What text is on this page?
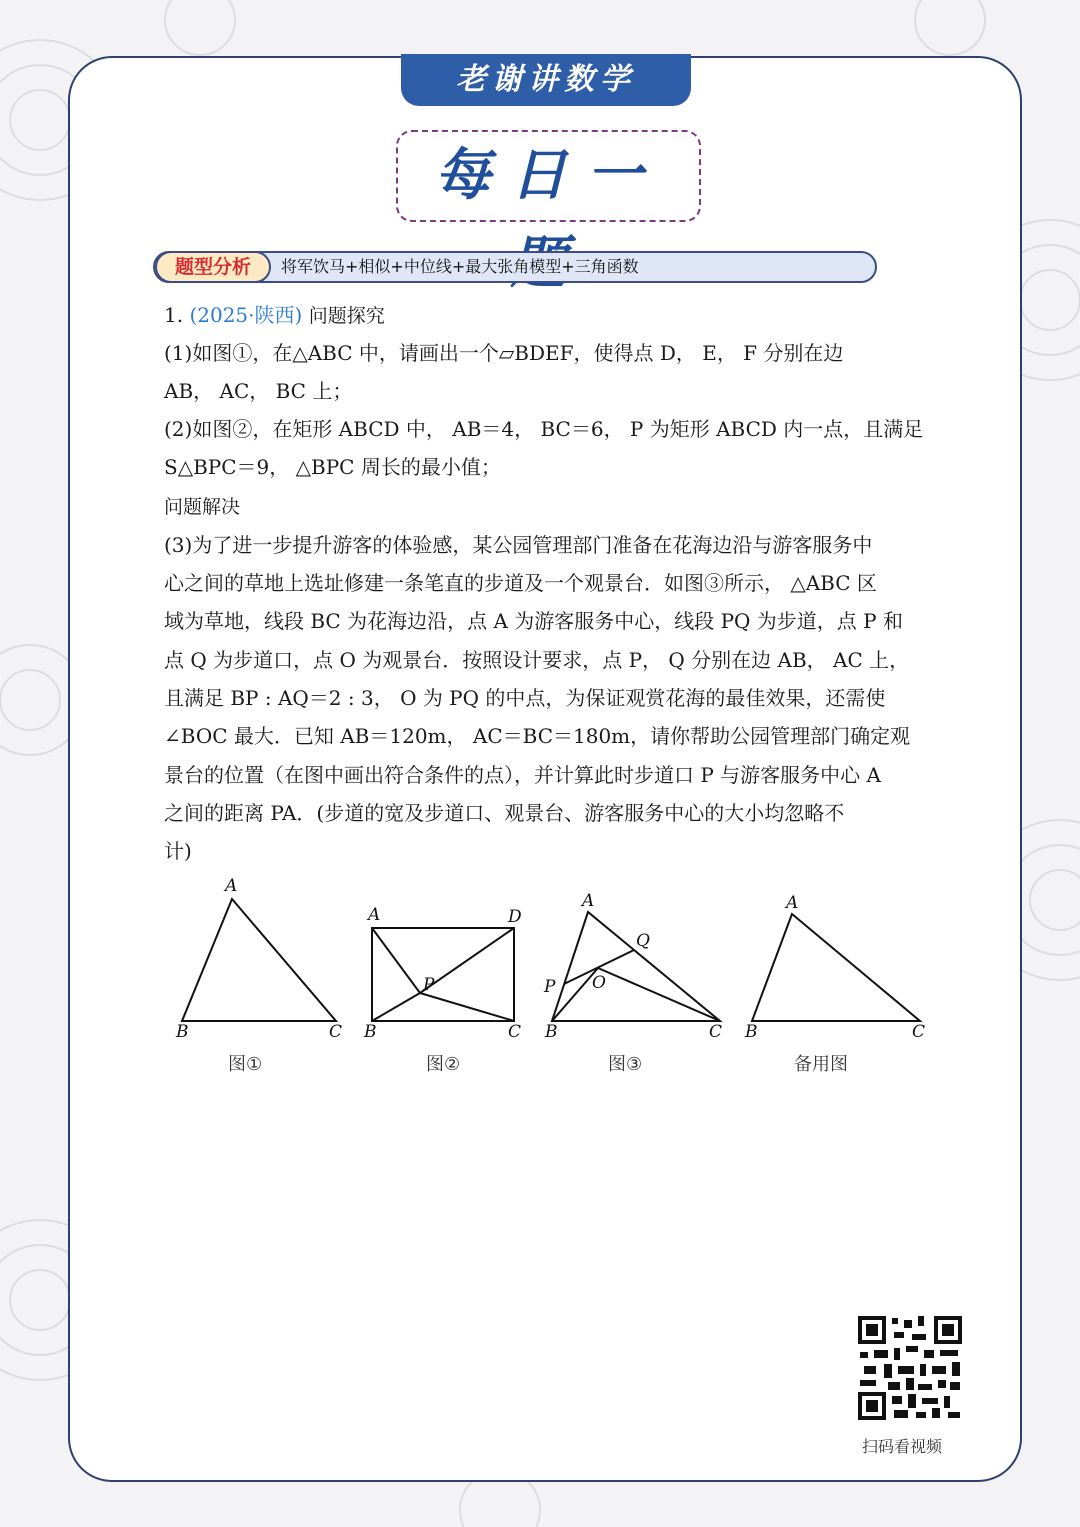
老谢讲数学
每日一
题型分析	将军饮马+相似+中位线+最大张角模型+三角函数
1. (2025·陕西) 问题探究
(1)如图①，在△ABC 中，请画出一个▱BDEF，使得点 D， E， F 分别在边
AB， AC， BC 上；
(2)如图②，在矩形 ABCD 中， AB＝4， BC＝6， P 为矩形 ABCD 内一点，且满足
S△BPC＝9， △BPC 周长的最小值；
问题解决
(3)为了进一步提升游客的体验感，某公园管理部门准备在花海边沿与游客服务中
心之间的草地上选址修建一条笔直的步道及一个观景台．如图③所示， △ABC 区
域为草地，线段 BC 为花海边沿，点 A 为游客服务中心，线段 PQ 为步道，点 P 和
点 Q 为步道口，点 O 为观景台．按照设计要求，点 P， Q 分别在边 AB， AC 上，
且满足 BP : AQ＝2 : 3， O 为 PQ 的中点，为保证观赏花海的最佳效果，还需使
∠BOC 最大．已知 AB＝120m， AC＝BC＝180m，请你帮助公园管理部门确定观
景台的位置（在图中画出符合条件的点），并计算此时步道口 P 与游客服务中心 A
之间的距离 PA．(步道的宽及步道口、观景台、游客服务中心的大小均忽略不
计)
A
B	C
图①
A	D
P
B	C
图②
A
Q
O
P
B	C
图③
A
B	C
备用图
扫码看视频
